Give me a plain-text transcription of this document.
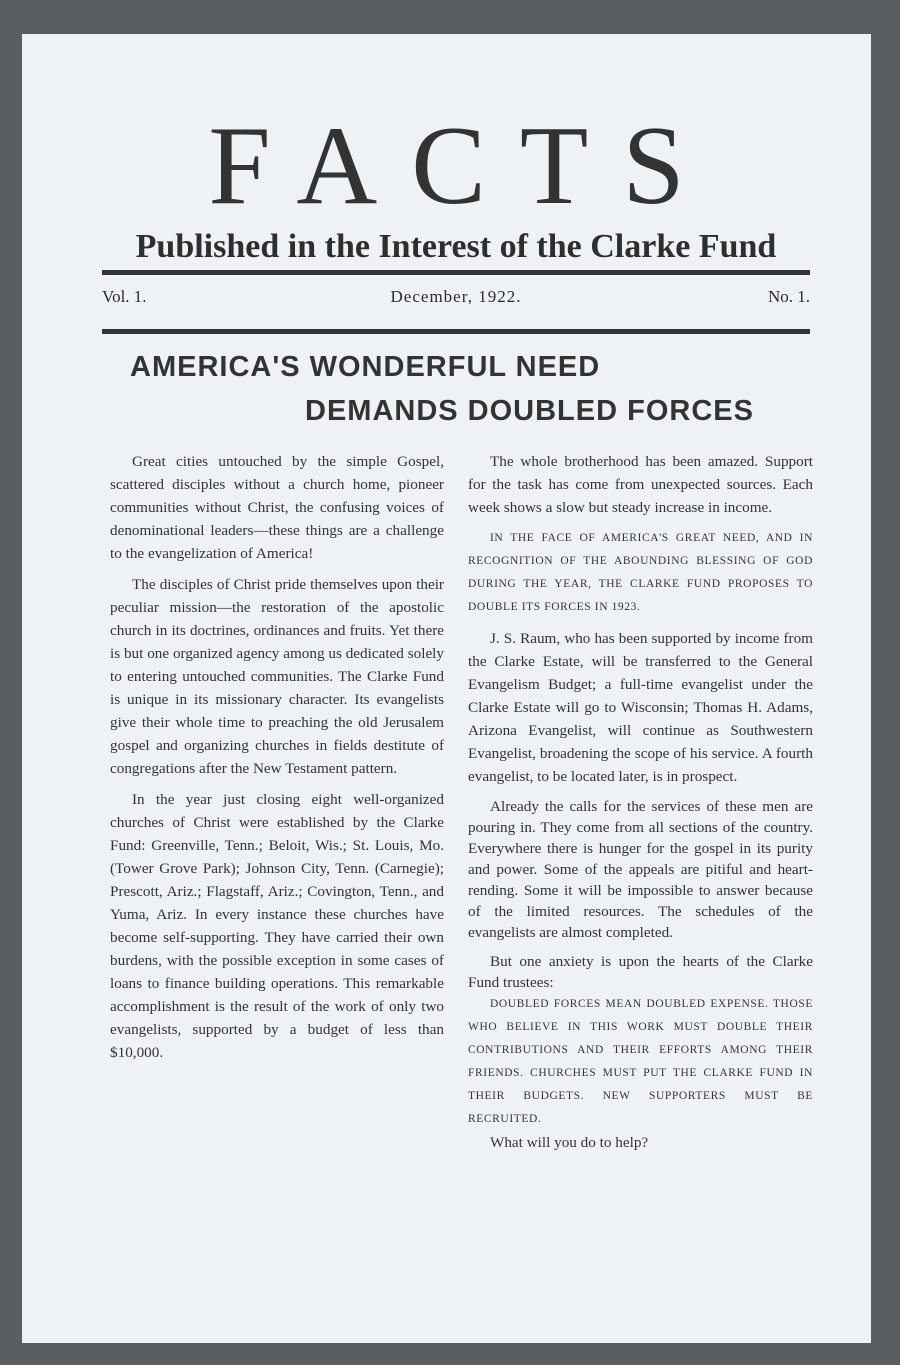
FACTS
Published in the Interest of the Clarke Fund
Vol. 1.	December, 1922.	No. 1.
AMERICA'S WONDERFUL NEED
DEMANDS DOUBLED FORCES

Great cities untouched by the simple Gospel, scattered disciples without a church home, pioneer communities without Christ, the confusing voices of denominational leaders—these things are a challenge to the evangelization of America!

The disciples of Christ pride themselves upon their peculiar mission—the restoration of the apostolic church in its doctrines, ordinances and fruits. Yet there is but one organized agency among us dedicated solely to entering untouched communities. The Clarke Fund is unique in its missionary character. Its evangelists give their whole time to preaching the old Jerusalem gospel and organizing churches in fields destitute of congregations after the New Testament pattern.

In the year just closing eight well-organized churches of Christ were established by the Clarke Fund: Greenville, Tenn.; Beloit, Wis.; St. Louis, Mo. (Tower Grove Park); Johnson City, Tenn. (Carnegie); Prescott, Ariz.; Flagstaff, Ariz.; Covington, Tenn., and Yuma, Ariz. In every instance these churches have become self-supporting. They have carried their own burdens, with the possible exception in some cases of loans to finance building operations. This remarkable accomplishment is the result of the work of only two evangelists, supported by a budget of less than $10,000.

The whole brotherhood has been amazed. Support for the task has come from unexpected sources. Each week shows a slow but steady increase in income.

IN THE FACE OF AMERICA'S GREAT NEED, AND IN RECOGNITION OF THE ABOUNDING BLESSING OF GOD DURING THE YEAR, THE CLARKE FUND PROPOSES TO DOUBLE ITS FORCES IN 1923.

J. S. Raum, who has been supported by income from the Clarke Estate, will be transferred to the General Evangelism Budget; a full-time evangelist under the Clarke Estate will go to Wisconsin; Thomas H. Adams, Arizona Evangelist, will continue as Southwestern Evangelist, broadening the scope of his service. A fourth evangelist, to be located later, is in prospect.

Already the calls for the services of these men are pouring in. They come from all sections of the country. Everywhere there is hunger for the gospel in its purity and power. Some of the appeals are pitiful and heart-rending. Some it will be impossible to answer because of the limited resources. The schedules of the evangelists are almost completed.

But one anxiety is upon the hearts of the Clarke Fund trustees:

DOUBLED FORCES MEAN DOUBLED EXPENSE. THOSE WHO BELIEVE IN THIS WORK MUST DOUBLE THEIR CONTRIBUTIONS AND THEIR EFFORTS AMONG THEIR FRIENDS. CHURCHES MUST PUT THE CLARKE FUND IN THEIR BUDGETS. NEW SUPPORTERS MUST BE RECRUITED.

What will you do to help?
